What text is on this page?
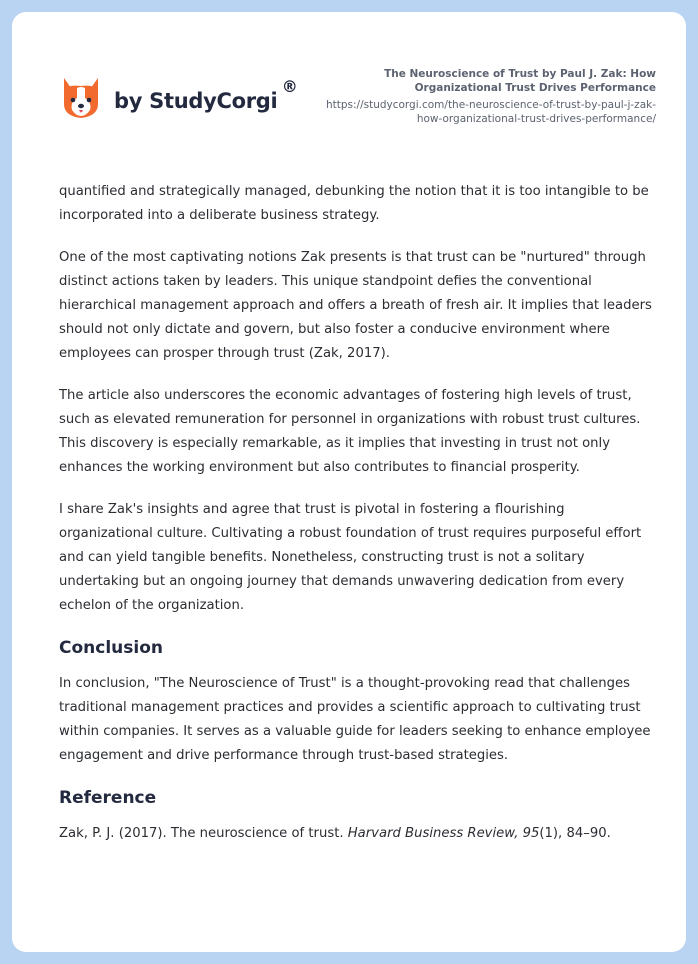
by StudyCorgi
®
The Neuroscience of Trust by Paul J. Zak: How Organizational Trust Drives Performance
https://studycorgi.com/the-neuroscience-of-trust-by-paul-j-zak-how-organizational-trust-drives-performance/

quantified and strategically managed, debunking the notion that it is too intangible to be incorporated into a deliberate business strategy.

One of the most captivating notions Zak presents is that trust can be "nurtured" through distinct actions taken by leaders. This unique standpoint defies the conventional hierarchical management approach and offers a breath of fresh air. It implies that leaders should not only dictate and govern, but also foster a conducive environment where employees can prosper through trust (Zak, 2017).

The article also underscores the economic advantages of fostering high levels of trust, such as elevated remuneration for personnel in organizations with robust trust cultures. This discovery is especially remarkable, as it implies that investing in trust not only enhances the working environment but also contributes to financial prosperity.

I share Zak's insights and agree that trust is pivotal in fostering a flourishing organizational culture. Cultivating a robust foundation of trust requires purposeful effort and can yield tangible benefits. Nonetheless, constructing trust is not a solitary undertaking but an ongoing journey that demands unwavering dedication from every echelon of the organization.

Conclusion

In conclusion, "The Neuroscience of Trust" is a thought-provoking read that challenges traditional management practices and provides a scientific approach to cultivating trust within companies. It serves as a valuable guide for leaders seeking to enhance employee engagement and drive performance through trust-based strategies.

Reference

Zak, P. J. (2017). The neuroscience of trust. Harvard Business Review, 95(1), 84–90.
